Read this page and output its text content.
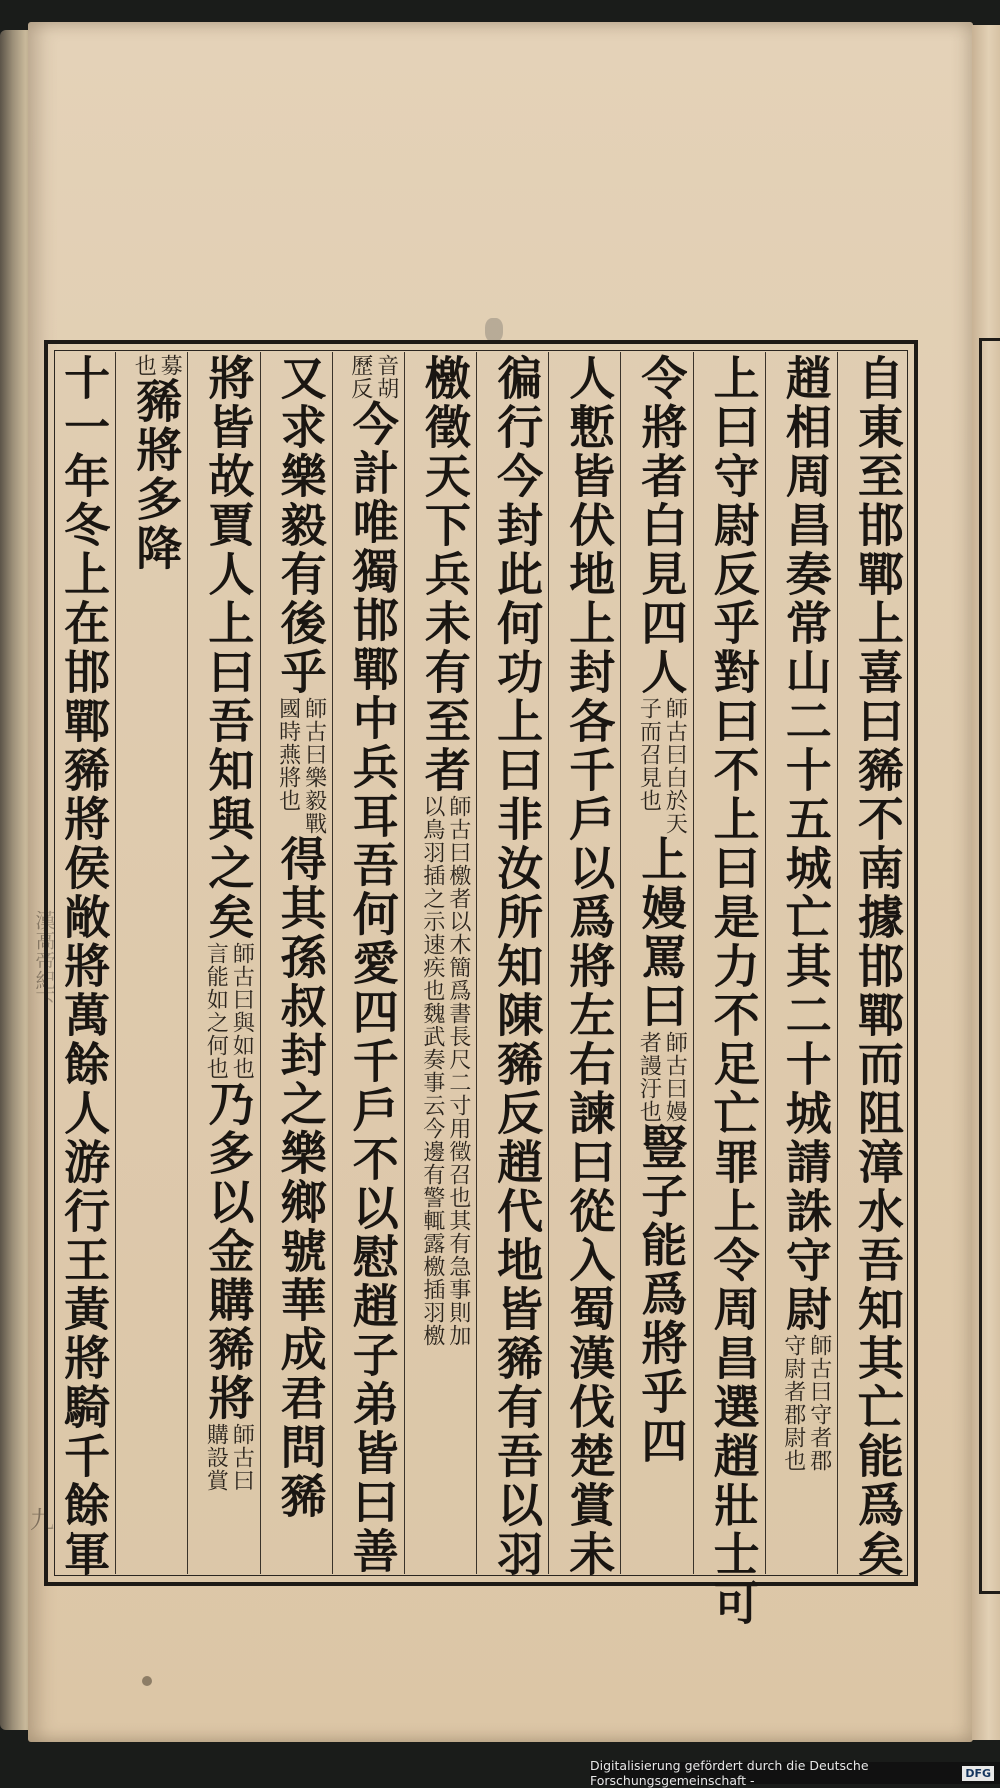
漢高帝紀下
九	自東至邯鄲上喜曰豨不南據邯鄲而阻漳水吾知其亡能爲矣
趙相周昌奏常山二十五城亡其二十城請誅守尉
師古曰守者郡
守尉者郡尉也
上曰守尉反乎對曰不上曰是力不足亡罪上令周昌選趙壯士可
令將者白見四人
師古曰白於天
子而召見也
上嫚罵曰
師古曰嫚
者謾汙也
豎子能爲將乎四
人慙皆伏地上封各千戶以爲將左右諫曰從入蜀漢伐楚賞未
徧行今封此何功上曰非汝所知陳豨反趙代地皆豨有吾以羽
檄徵天下兵未有至者
師古曰檄者以木簡爲書長尺二寸用徵召也其有急事則加
以鳥羽插之示速疾也魏武奏事云今邊有警輒露檄插羽檄
音胡
歷反
今計唯獨邯鄲中兵耳吾何愛四千戶不以慰趙子弟皆曰善
又求樂毅有後乎
師古曰樂毅戰
國時燕將也
得其孫叔封之樂鄉號華成君問豨
將皆故賈人上曰吾知與之矣
師古曰與如也
言能如之何也
乃多以金購豨將
師古曰
購設賞
募
也
豨將多降
十一年冬上在邯鄲豨將侯敞將萬餘人游行王黃將騎千餘軍
Digitalisierung gefördert durch die Deutsche Forschungsgemeinschaft -	DFG
